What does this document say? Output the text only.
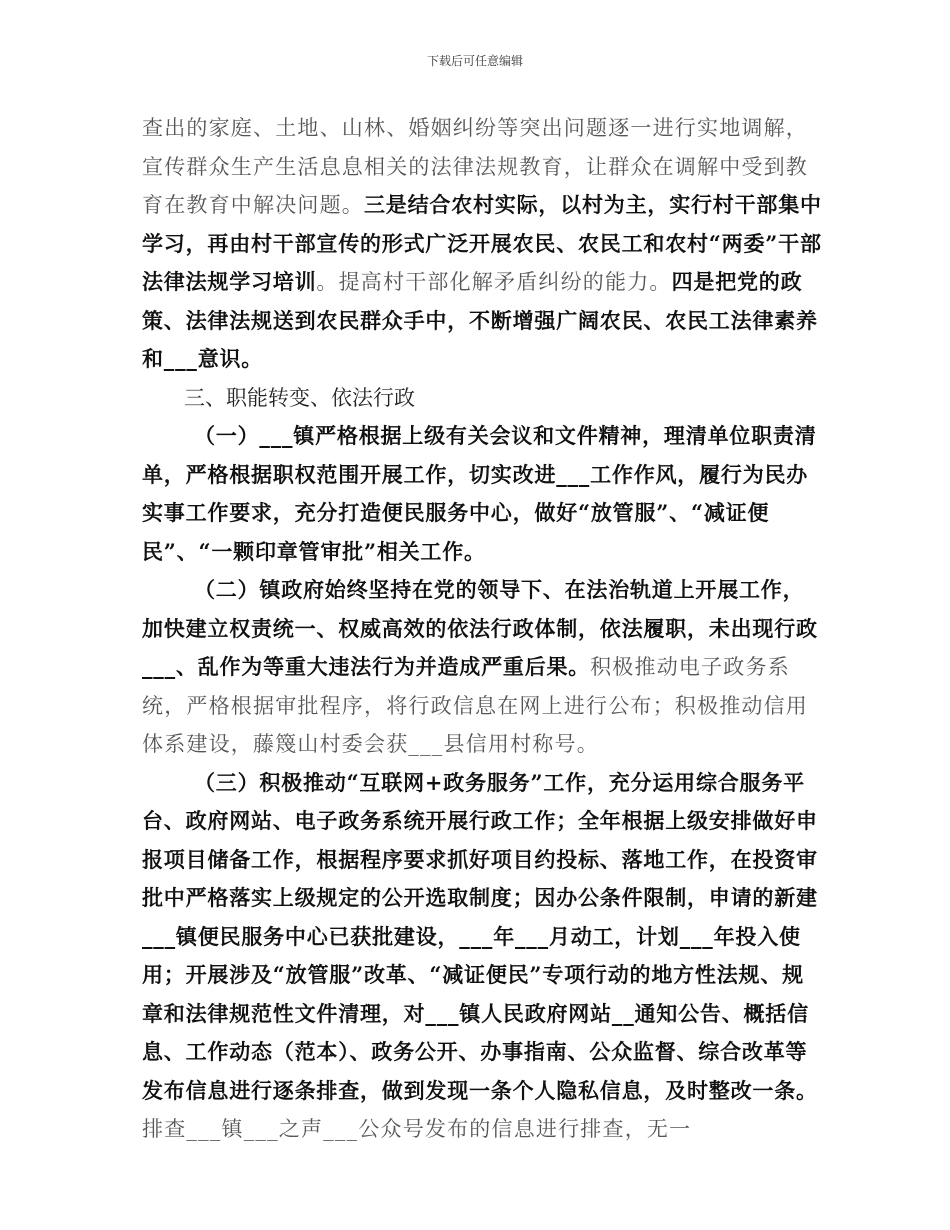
下载后可任意编辑

查出的家庭、土地、山林、婚姻纠纷等突出问题逐一进行实地调解，宣传群众生产生活息息相关的法律法规教育，让群众在调解中受到教育在教育中解决问题。三是结合农村实际，以村为主，实行村干部集中学习，再由村干部宣传的形式广泛开展农民、农民工和农村“两委”干部法律法规学习培训。提高村干部化解矛盾纠纷的能力。四是把党的政策、法律法规送到农民群众手中，不断增强广阔农民、农民工法律素养和___意识。

三、职能转变、依法行政

（一）___镇严格根据上级有关会议和文件精神，理清单位职责清单，严格根据职权范围开展工作，切实改进___工作作风，履行为民办实事工作要求，充分打造便民服务中心，做好“放管服”、“减证便民”、“一颗印章管审批”相关工作。

（二）镇政府始终坚持在党的领导下、在法治轨道上开展工作，加快建立权责统一、权威高效的依法行政体制，依法履职，未出现行政___、乱作为等重大违法行为并造成严重后果。积极推动电子政务系统，严格根据审批程序，将行政信息在网上进行公布；积极推动信用体系建设，藤篾山村委会获___县信用村称号。

（三）积极推动“互联网+政务服务”工作，充分运用综合服务平台、政府网站、电子政务系统开展行政工作；全年根据上级安排做好申报项目储备工作，根据程序要求抓好项目约投标、落地工作，在投资审批中严格落实上级规定的公开选取制度；因办公条件限制，申请的新建___镇便民服务中心已获批建设，___年___月动工，计划___年投入使用；开展涉及“放管服”改革、“减证便民”专项行动的地方性法规、规章和法律规范性文件清理，对___镇人民政府网站__通知公告、概括信息、工作动态（范本）、政务公开、办事指南、公众监督、综合改革等发布信息进行逐条排查，做到发现一条个人隐私信息，及时整改一条。排查___镇___之声___公众号发布的信息进行排查，无一
